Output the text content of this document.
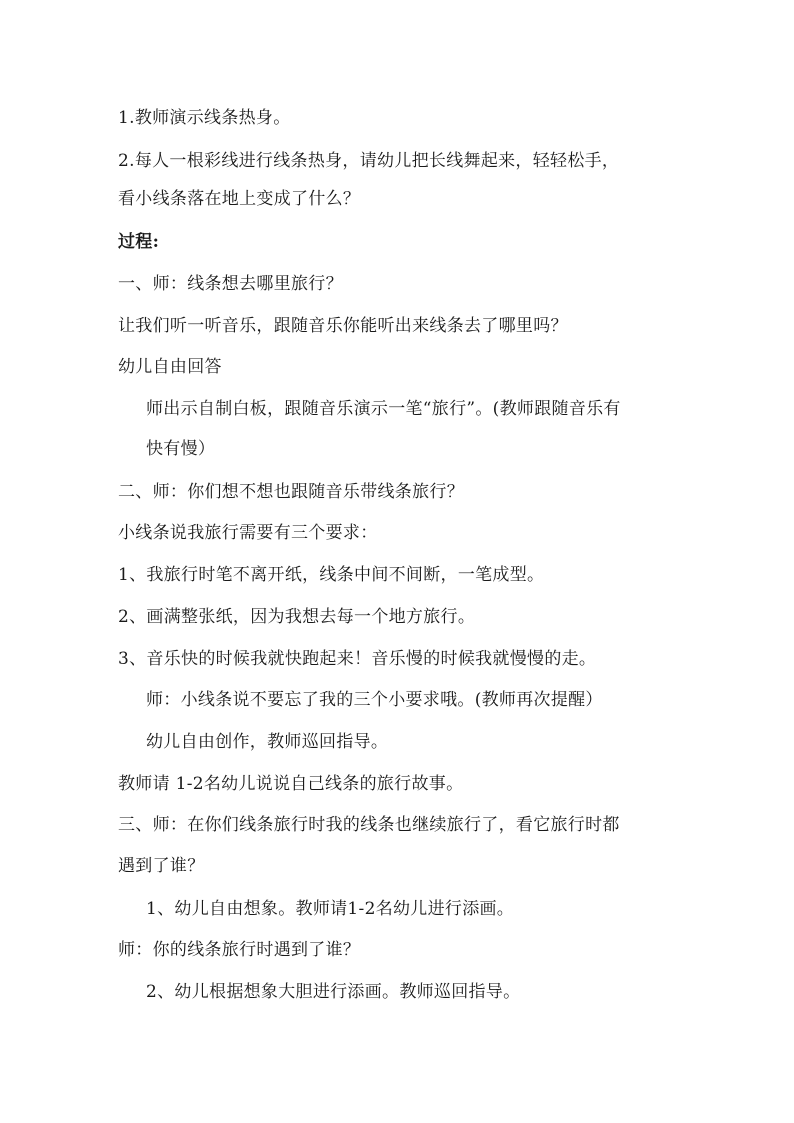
1.教师演示线条热身。
2.每人一根彩线进行线条热身，请幼儿把长线舞起来，轻轻松手，
看小线条落在地上变成了什么？
过程:
一、师：线条想去哪里旅行？
让我们听一听音乐，跟随音乐你能听出来线条去了哪里吗？
幼儿自由回答
师出示自制白板，跟随音乐演示一笔“旅行”。(教师跟随音乐有
快有慢）
二、师：你们想不想也跟随音乐带线条旅行？
小线条说我旅行需要有三个要求：
1、我旅行时笔不离开纸，线条中间不间断，一笔成型。
2、画满整张纸，因为我想去每一个地方旅行。
3、音乐快的时候我就快跑起来！音乐慢的时候我就慢慢的走。
师：小线条说不要忘了我的三个小要求哦。(教师再次提醒）
幼儿自由创作，教师巡回指导。
教师请 1-2名幼儿说说自己线条的旅行故事。
三、师：在你们线条旅行时我的线条也继续旅行了，看它旅行时都
遇到了谁？
1、幼儿自由想象。教师请1-2名幼儿进行添画。
师：你的线条旅行时遇到了谁？
2、幼儿根据想象大胆进行添画。教师巡回指导。
